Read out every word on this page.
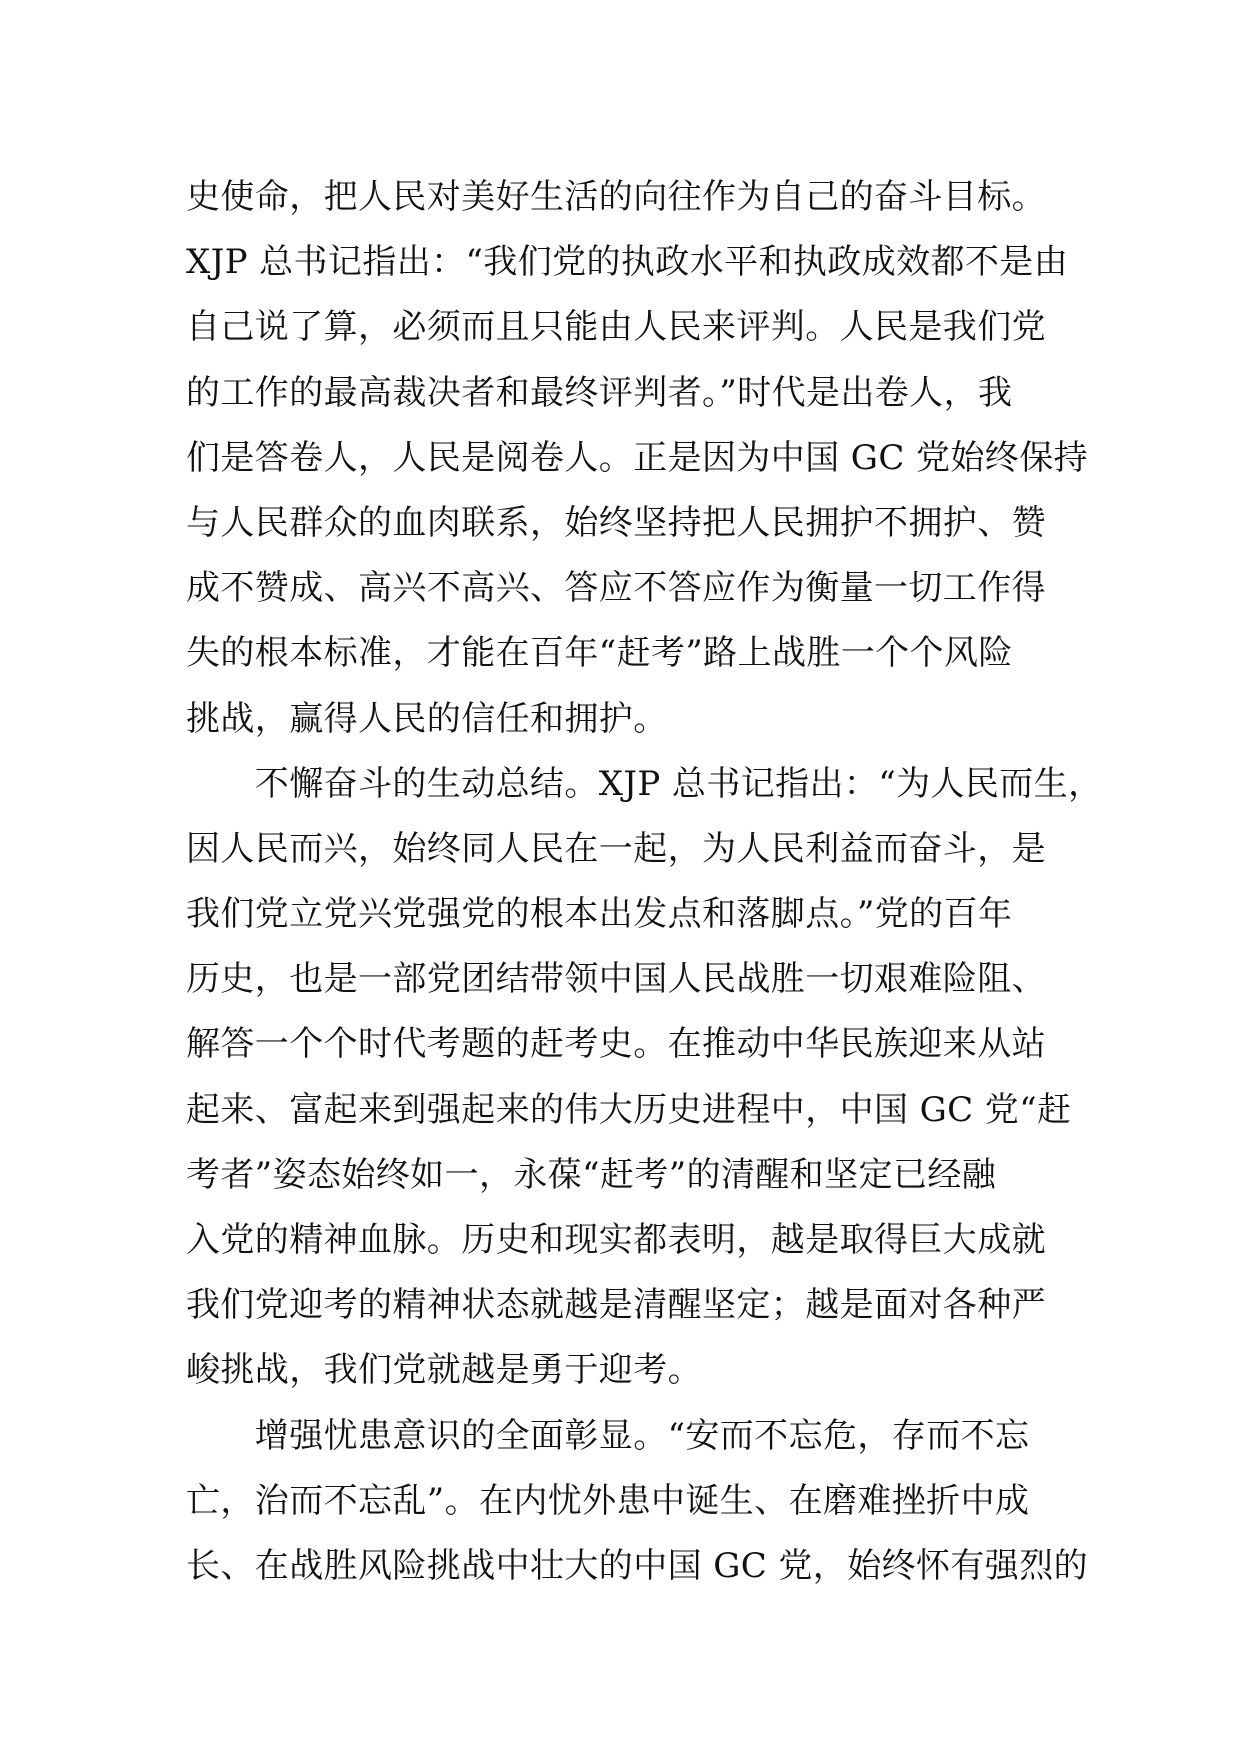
史使命，把人民对美好生活的向往作为自己的奋斗目标。
XJP 总书记指出：“我们党的执政水平和执政成效都不是由
自己说了算，必须而且只能由人民来评判。人民是我们党
的工作的最高裁决者和最终评判者。”时代是出卷人，我
们是答卷人，人民是阅卷人。正是因为中国 GC 党始终保持
与人民群众的血肉联系，始终坚持把人民拥护不拥护、赞
成不赞成、高兴不高兴、答应不答应作为衡量一切工作得
失的根本标准，才能在百年“赶考”路上战胜一个个风险
挑战，赢得人民的信任和拥护。
　　不懈奋斗的生动总结。XJP 总书记指出：“为人民而生，
因人民而兴，始终同人民在一起，为人民利益而奋斗，是
我们党立党兴党强党的根本出发点和落脚点。”党的百年
历史，也是一部党团结带领中国人民战胜一切艰难险阻、
解答一个个时代考题的赶考史。在推动中华民族迎来从站
起来、富起来到强起来的伟大历史进程中，中国 GC 党“赶
考者”姿态始终如一，永葆“赶考”的清醒和坚定已经融
入党的精神血脉。历史和现实都表明，越是取得巨大成就
我们党迎考的精神状态就越是清醒坚定；越是面对各种严
峻挑战，我们党就越是勇于迎考。
　　增强忧患意识的全面彰显。“安而不忘危，存而不忘
亡，治而不忘乱”。在内忧外患中诞生、在磨难挫折中成
长、在战胜风险挑战中壮大的中国 GC 党，始终怀有强烈的
